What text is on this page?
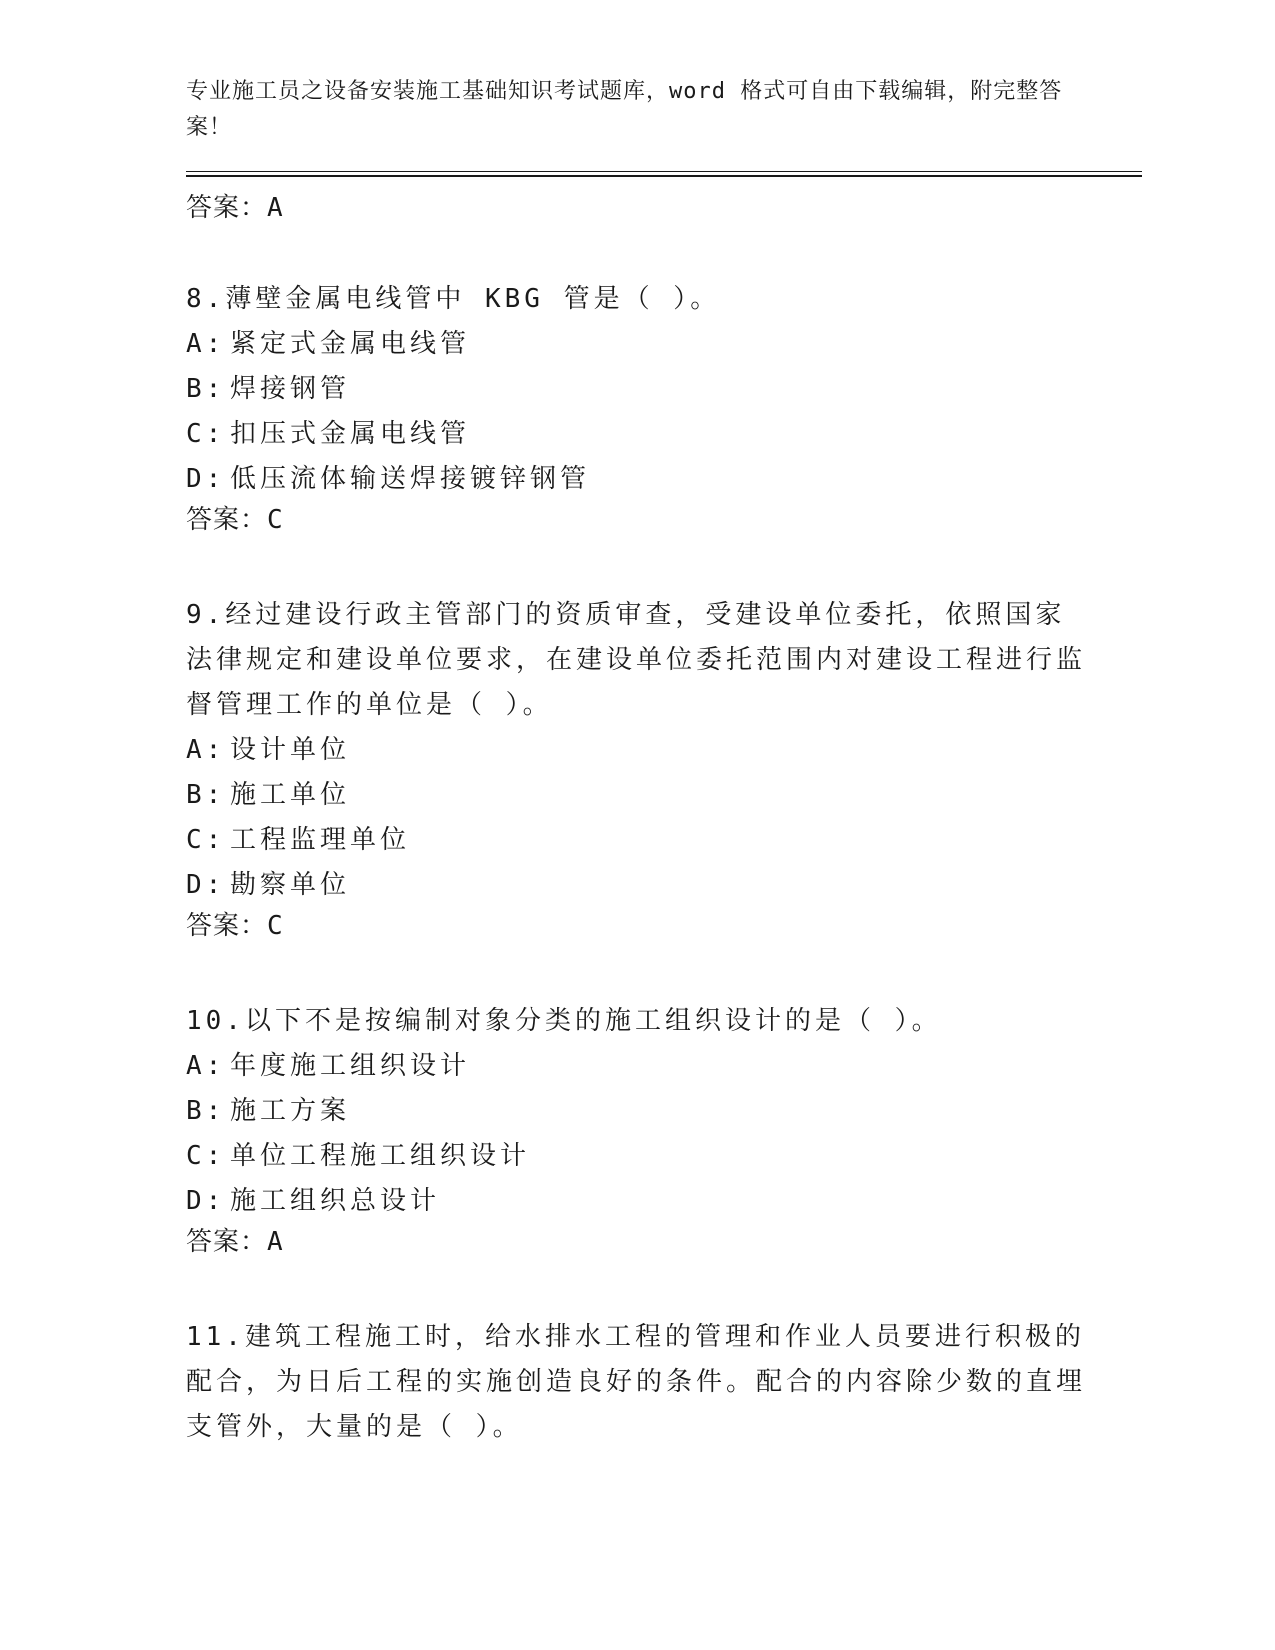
专业施工员之设备安装施工基础知识考试题库，word 格式可自由下载编辑，附完整答案！
答案：A
8.薄壁金属电线管中 KBG 管是（ ）。
A: 紧定式金属电线管
B: 焊接钢管
C: 扣压式金属电线管
D: 低压流体输送焊接镀锌钢管
答案：C
9.经过建设行政主管部门的资质审查，受建设单位委托，依照国家法律规定和建设单位要求，在建设单位委托范围内对建设工程进行监督管理工作的单位是（ ）。
A: 设计单位
B: 施工单位
C: 工程监理单位
D: 勘察单位
答案：C
10.以下不是按编制对象分类的施工组织设计的是（ ）。
A: 年度施工组织设计
B: 施工方案
C: 单位工程施工组织设计
D: 施工组织总设计
答案：A
11.建筑工程施工时，给水排水工程的管理和作业人员要进行积极的配合，为日后工程的实施创造良好的条件。配合的内容除少数的直埋支管外，大量的是（ ）。
